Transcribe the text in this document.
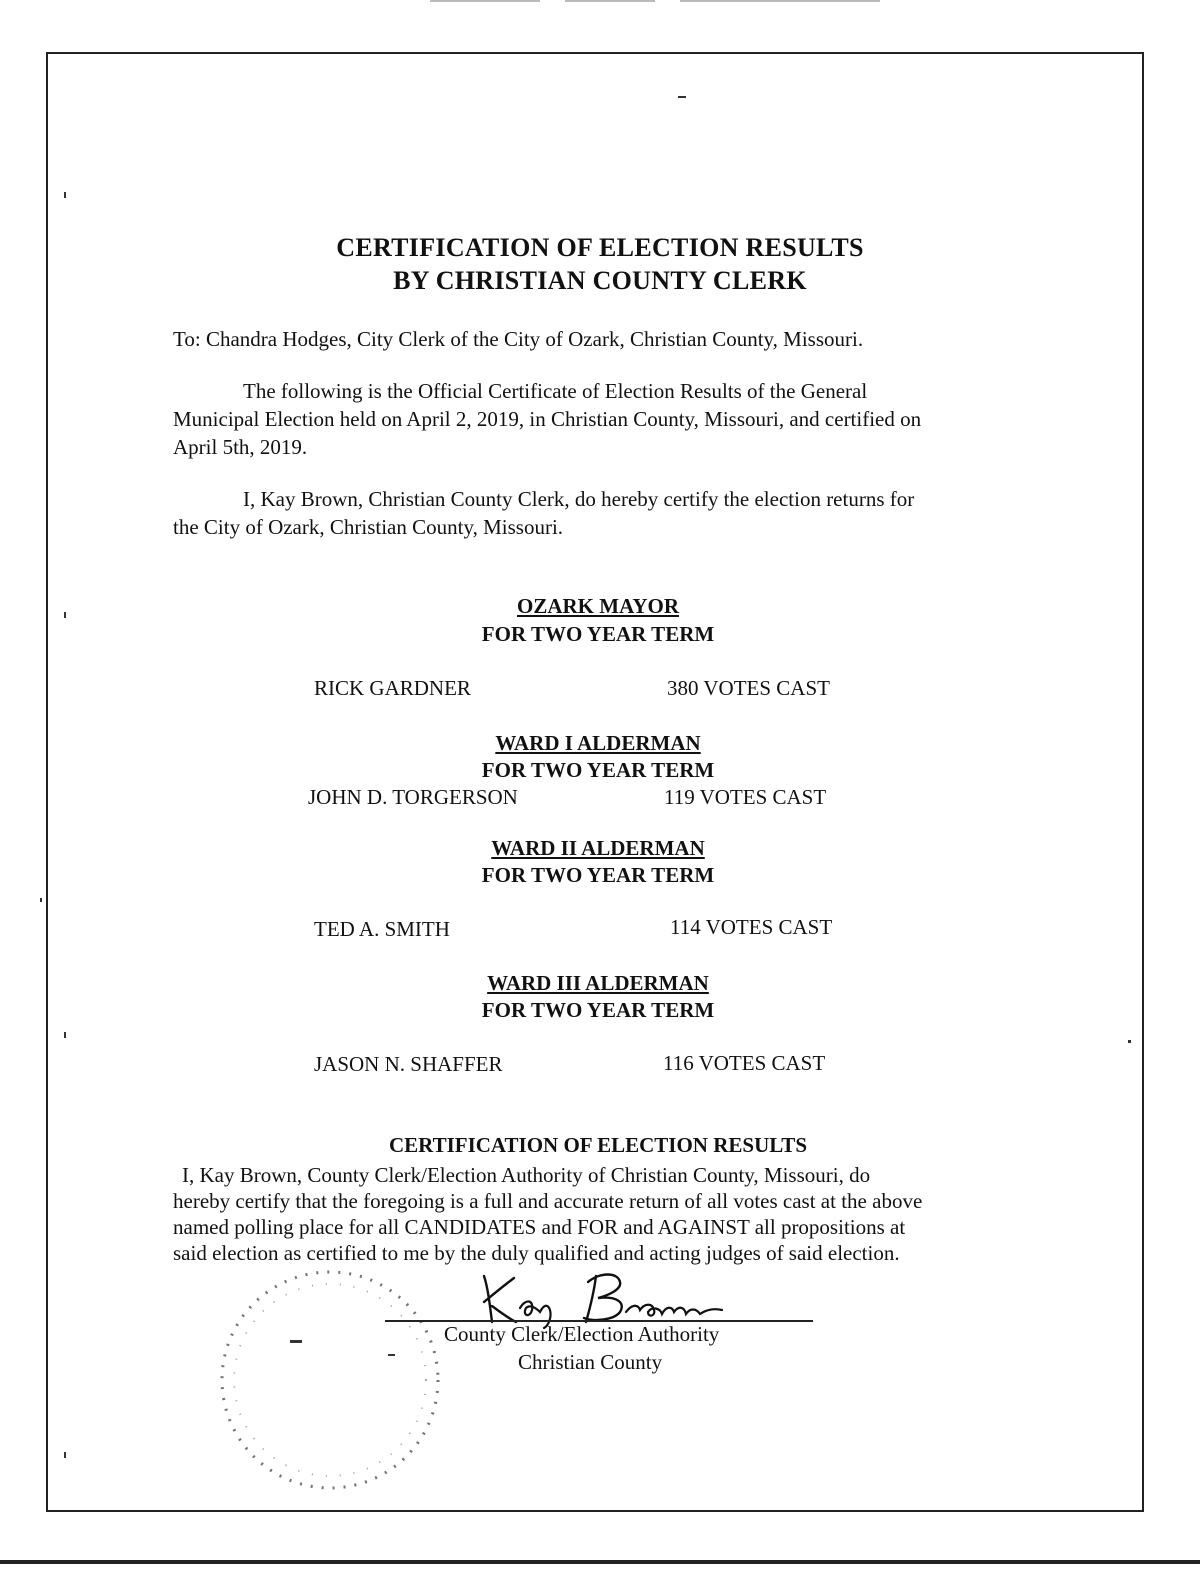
CERTIFICATION OF ELECTION RESULTS

BY CHRISTIAN COUNTY CLERK

To: Chandra Hodges, City Clerk of the City of Ozark, Christian County, Missouri.

The following is the Official Certificate of Election Results of the General

Municipal Election held on April 2, 2019, in Christian County, Missouri, and certified on

April 5th, 2019.

I, Kay Brown, Christian County Clerk, do hereby certify the election returns for

the City of Ozark, Christian County, Missouri.

OZARK MAYOR

FOR TWO YEAR TERM

RICK GARDNER	380 VOTES CAST

WARD I ALDERMAN

FOR TWO YEAR TERM

JOHN D. TORGERSON	119 VOTES CAST

WARD II ALDERMAN

FOR TWO YEAR TERM

TED A. SMITH	114 VOTES CAST

WARD III ALDERMAN

FOR TWO YEAR TERM

JASON N. SHAFFER	116 VOTES CAST

CERTIFICATION OF ELECTION RESULTS

I, Kay Brown, County Clerk/Election Authority of Christian County, Missouri, do

hereby certify that the foregoing is a full and accurate return of all votes cast at the above

named polling place for all CANDIDATES and FOR and AGAINST all propositions at

said election as certified to me by the duly qualified and acting judges of said election.

County Clerk/Election Authority

Christian County
